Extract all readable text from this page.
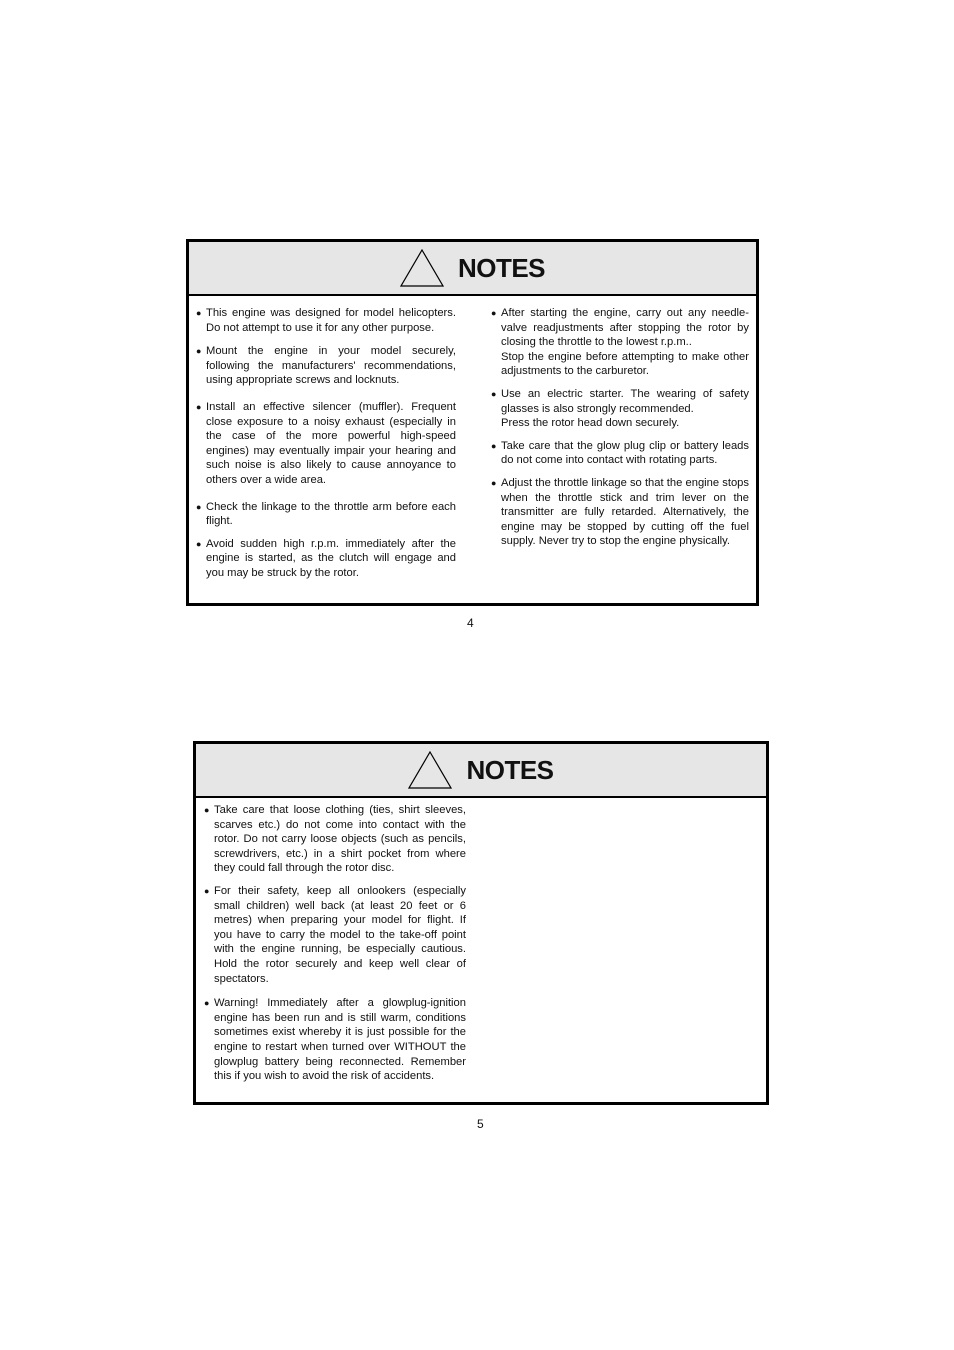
NOTES
● This engine was designed for model helicopters. Do not attempt to use it for any other purpose.
● Mount the engine in your model securely, following the manufacturers' recommendations, using appropriate screws and locknuts.
● Install an effective silencer (muffler). Frequent close exposure to a noisy exhaust (especially in the case of the more powerful high-speed engines) may eventually impair your hearing and such noise is also likely to cause annoyance to others over a wide area.
● Check the linkage to the throttle arm before each flight.
● Avoid sudden high r.p.m. immediately after the engine is started, as the clutch will engage and you may be struck by the rotor.
● After starting the engine, carry out any needle-valve readjustments after stopping the rotor by closing the throttle to the lowest r.p.m..
Stop the engine before attempting to make other adjustments to the carburetor.
● Use an electric starter. The wearing of safety glasses is also strongly recommended.
Press the rotor head down securely.
● Take care that the glow plug clip or battery leads do not come into contact with rotating parts.
● Adjust the throttle linkage so that the engine stops when the throttle stick and trim lever on the transmitter are fully retarded. Alternatively, the engine may be stopped by cutting off the fuel supply. Never try to stop the engine physically.
4
NOTES
● Take care that loose clothing (ties, shirt sleeves, scarves etc.) do not come into contact with the rotor. Do not carry loose objects (such as pencils, screwdrivers, etc.) in a shirt pocket from where they could fall through the rotor disc.
● For their safety, keep all onlookers (especially small children) well back (at least 20 feet or 6 metres) when preparing your model for flight. If you have to carry the model to the take-off point with the engine running, be especially cautious. Hold the rotor securely and keep well clear of spectators.
● Warning! Immediately after a glowplug-ignition engine has been run and is still warm, conditions sometimes exist whereby it is just possible for the engine to restart when turned over WITHOUT the glowplug battery being reconnected. Remember this if you wish to avoid the risk of accidents.
5
